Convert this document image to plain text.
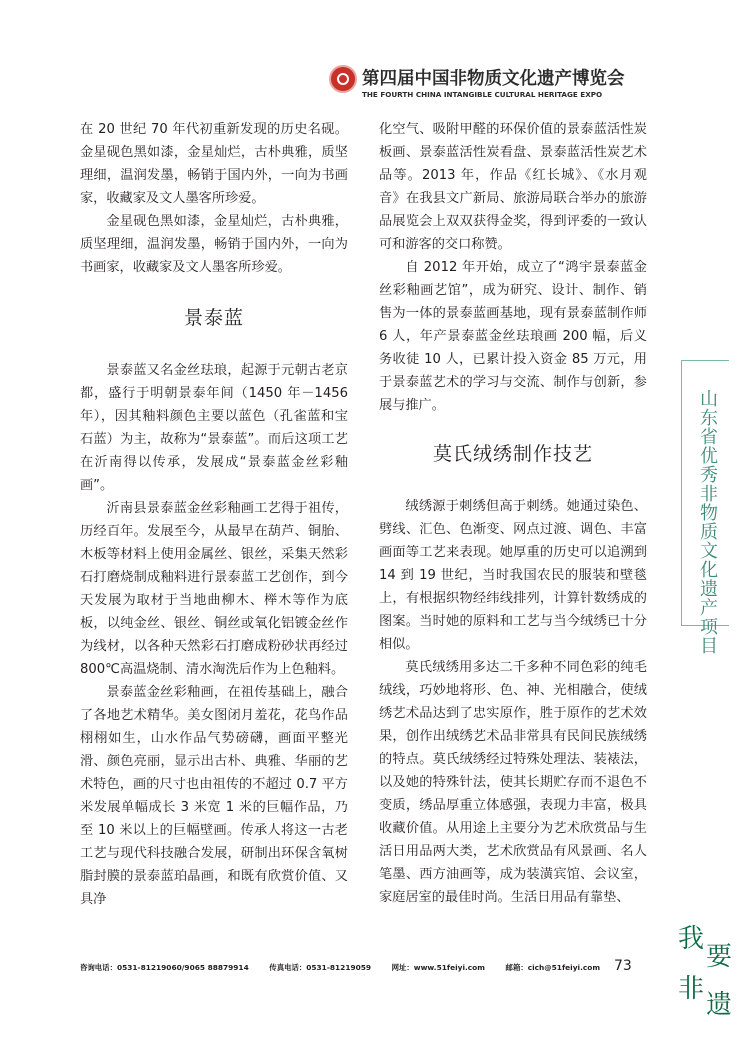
第四届中国非物质文化遗产博览会
THE FOURTH CHINA INTANGIBLE CULTURAL HERITAGE EXPO

在 20 世纪 70 年代初重新发现的历史名砚。金星砚色黑如漆，金星灿烂，古朴典雅，质坚理细，温润发墨，畅销于国内外，一向为书画家，收藏家及文人墨客所珍爱。

金星砚色黑如漆，金星灿烂，古朴典雅，质坚理细，温润发墨，畅销于国内外，一向为书画家，收藏家及文人墨客所珍爱。

景泰蓝

景泰蓝又名金丝珐琅，起源于元朝古老京都，盛行于明朝景泰年间（1450 年－1456 年），因其釉料颜色主要以蓝色（孔雀蓝和宝石蓝）为主，故称为“景泰蓝”。而后这项工艺在沂南得以传承，发展成“景泰蓝金丝彩釉画”。

沂南县景泰蓝金丝彩釉画工艺得于祖传，历经百年。发展至今，从最早在葫芦、铜胎、木板等材料上使用金属丝、银丝，采集天然彩石打磨烧制成釉料进行景泰蓝工艺创作，到今天发展为取材于当地曲柳木、榉木等作为底板，以纯金丝、银丝、铜丝或氧化铝镀金丝作为线材，以各种天然彩石打磨成粉砂状再经过 800℃高温烧制、清水淘洗后作为上色釉料。

景泰蓝金丝彩釉画，在祖传基础上，融合了各地艺术精华。美女图闭月羞花，花鸟作品栩栩如生，山水作品气势磅礴，画面平整光滑、颜色亮丽，显示出古朴、典雅、华丽的艺术特色，画的尺寸也由祖传的不超过 0.7 平方米发展单幅成长 3 米宽 1 米的巨幅作品，乃至 10 米以上的巨幅壁画。传承人将这一古老工艺与现代科技融合发展，研制出环保含氧树脂封膜的景泰蓝珀晶画，和既有欣赏价值、又具净

化空气、吸附甲醛的环保价值的景泰蓝活性炭板画、景泰蓝活性炭看盘、景泰蓝活性炭艺术品等。2013 年，作品《红长城》、《水月观音》在我县文广新局、旅游局联合举办的旅游品展览会上双双获得金奖，得到评委的一致认可和游客的交口称赞。

自 2012 年开始，成立了“鸿宇景泰蓝金丝彩釉画艺馆”，成为研究、设计、制作、销售为一体的景泰蓝画基地，现有景泰蓝制作师 6 人，年产景泰蓝金丝珐琅画 200 幅，后义务收徒 10 人，已累计投入资金 85 万元，用于景泰蓝艺术的学习与交流、制作与创新，参展与推广。

莫氏绒绣制作技艺

绒绣源于刺绣但高于刺绣。她通过染色、劈线、汇色、色渐变、网点过渡、调色、丰富画面等工艺来表现。她厚重的历史可以追溯到 14 到 19 世纪，当时我国农民的服装和壁毯上，有根据织物经纬线排列，计算针数绣成的图案。当时她的原料和工艺与当今绒绣已十分相似。

莫氏绒绣用多达二千多种不同色彩的纯毛绒线，巧妙地将形、色、神、光相融合，使绒绣艺术品达到了忠实原作，胜于原作的艺术效果，创作出绒绣艺术品非常具有民间民族绒绣的特点。莫氏绒绣经过特殊处理法、装裱法，以及她的特殊针法，使其长期贮存而不退色不变质，绣品厚重立体感强，表现力丰富，极具收藏价值。从用途上主要分为艺术欣赏品与生活日用品两大类，艺术欣赏品有风景画、名人笔墨、西方油画等，成为装潢宾馆、会议室，家庭居室的最佳时尚。生活日用品有靠垫、

山东省优秀非物质文化遗产项目
咨询电话：0531-81219060/9065 88879914	传真电话：0531-81219059	网址：www.51feiyi.com	邮箱：cich@51feiyi.com 73
我
要
非
遗
